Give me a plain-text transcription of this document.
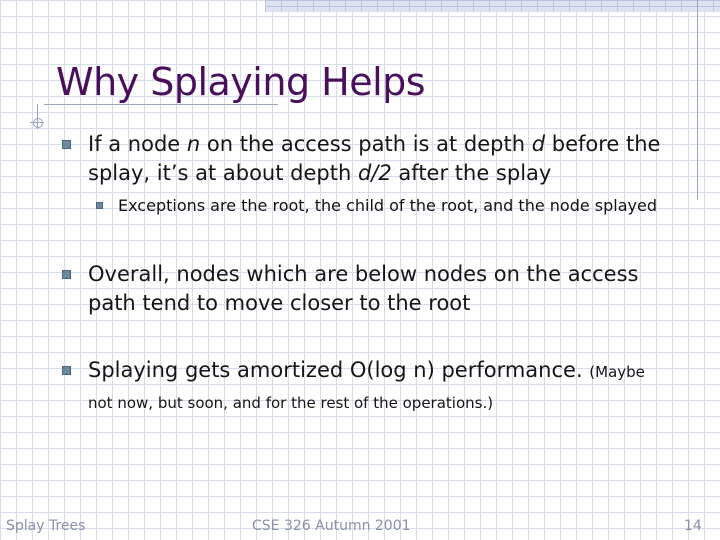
Why Splaying Helps
If a node n on the access path is at depth d before the splay, it’s at about depth d/2 after the splay
Exceptions are the root, the child of the root, and the node splayed
Overall, nodes which are below nodes on the access path tend to move closer to the root
Splaying gets amortized O(log n) performance. (Maybe not now, but soon, and for the rest of the operations.)
Splay Trees	CSE 326 Autumn 2001	14
